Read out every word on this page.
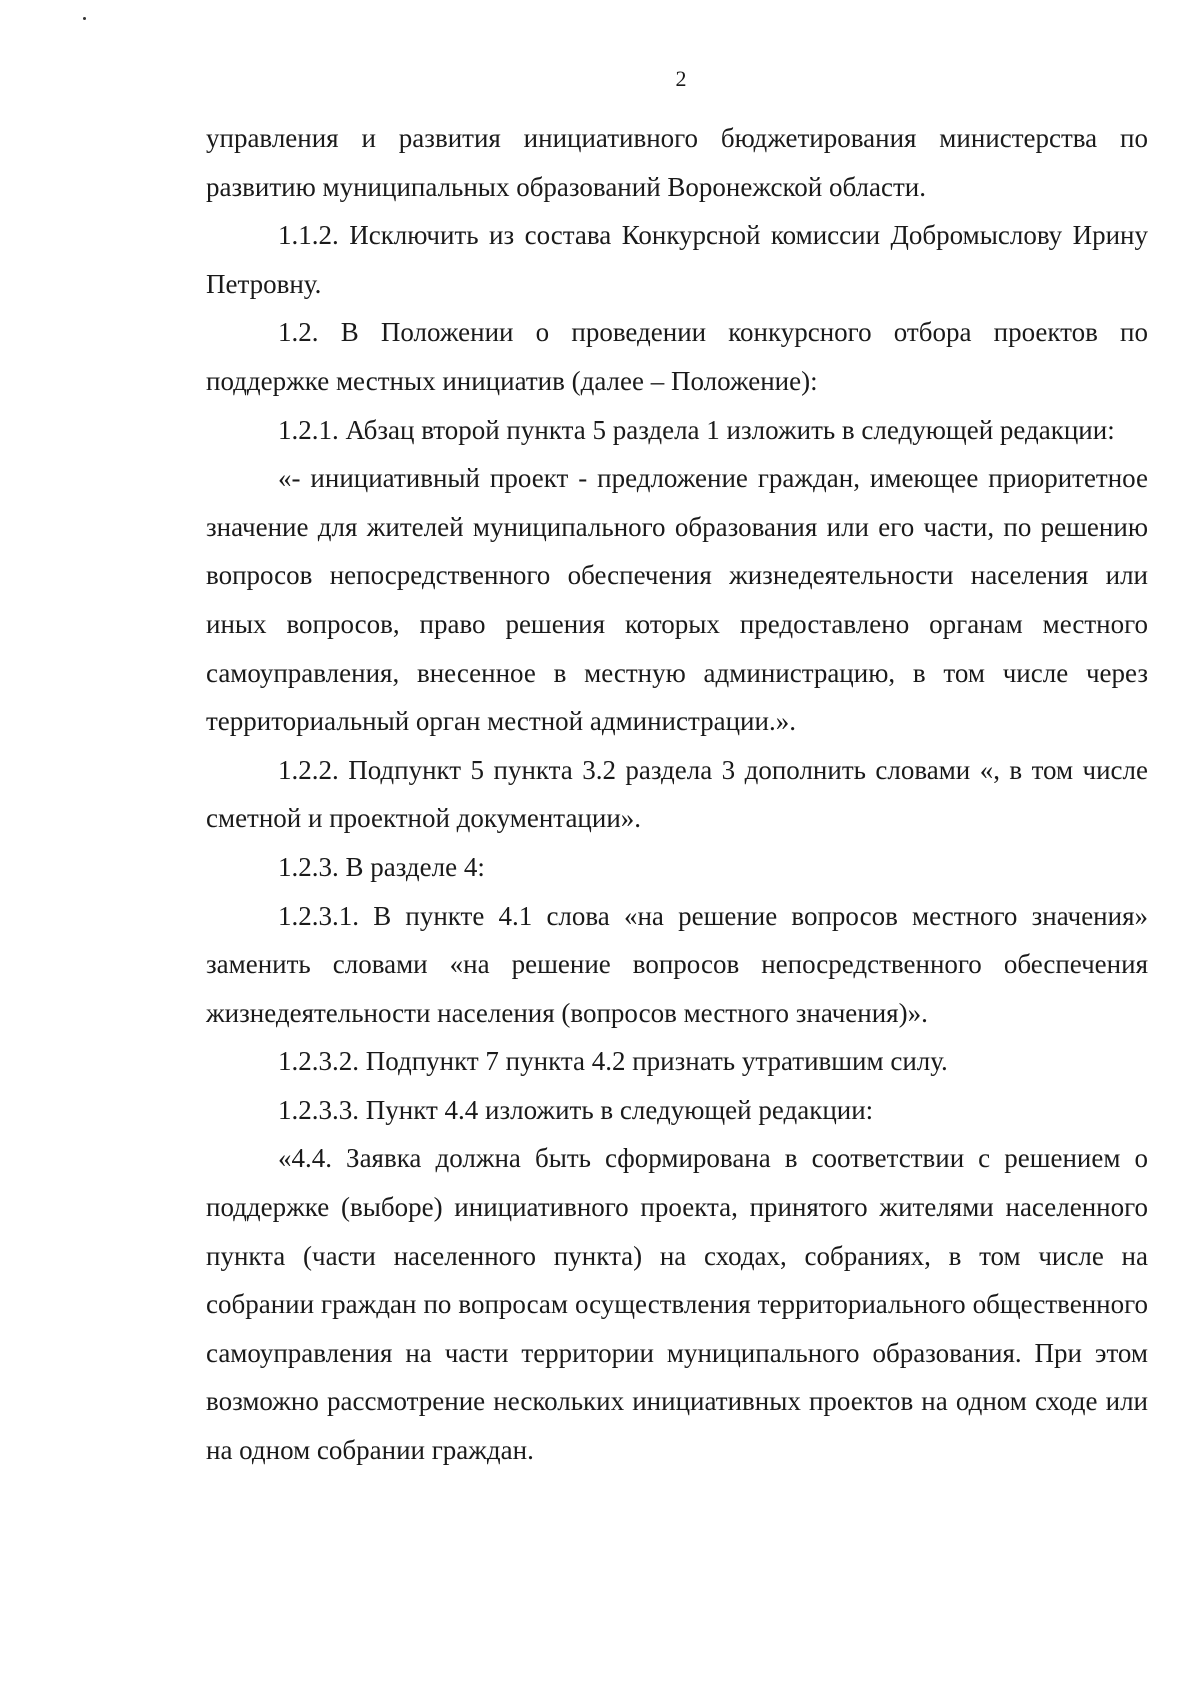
2

управления и развития инициативного бюджетирования министерства по развитию муниципальных образований Воронежской области.

1.1.2. Исключить из состава Конкурсной комиссии Добромыслову Ирину Петровну.

1.2. В Положении о проведении конкурсного отбора проектов по поддержке местных инициатив (далее – Положение):

1.2.1. Абзац второй пункта 5 раздела 1 изложить в следующей редакции:

«- инициативный проект - предложение граждан, имеющее приоритетное значение для жителей муниципального образования или его части, по решению вопросов непосредственного обеспечения жизнедеятельности населения или иных вопросов, право решения которых предоставлено органам местного самоуправления, внесенное в местную администрацию, в том числе через территориальный орган местной администрации.».

1.2.2. Подпункт 5 пункта 3.2 раздела 3 дополнить словами «, в том числе сметной и проектной документации».

1.2.3. В разделе 4:

1.2.3.1. В пункте 4.1 слова «на решение вопросов местного значения» заменить словами «на решение вопросов непосредственного обеспечения жизнедеятельности населения (вопросов местного значения)».

1.2.3.2. Подпункт 7 пункта 4.2 признать утратившим силу.

1.2.3.3. Пункт 4.4 изложить в следующей редакции:

«4.4. Заявка должна быть сформирована в соответствии с решением о поддержке (выборе) инициативного проекта, принятого жителями населенного пункта (части населенного пункта) на сходах, собраниях, в том числе на собрании граждан по вопросам осуществления территориального общественного самоуправления на части территории муниципального образования. При этом возможно рассмотрение нескольких инициативных проектов на одном сходе или на одном собрании граждан.
